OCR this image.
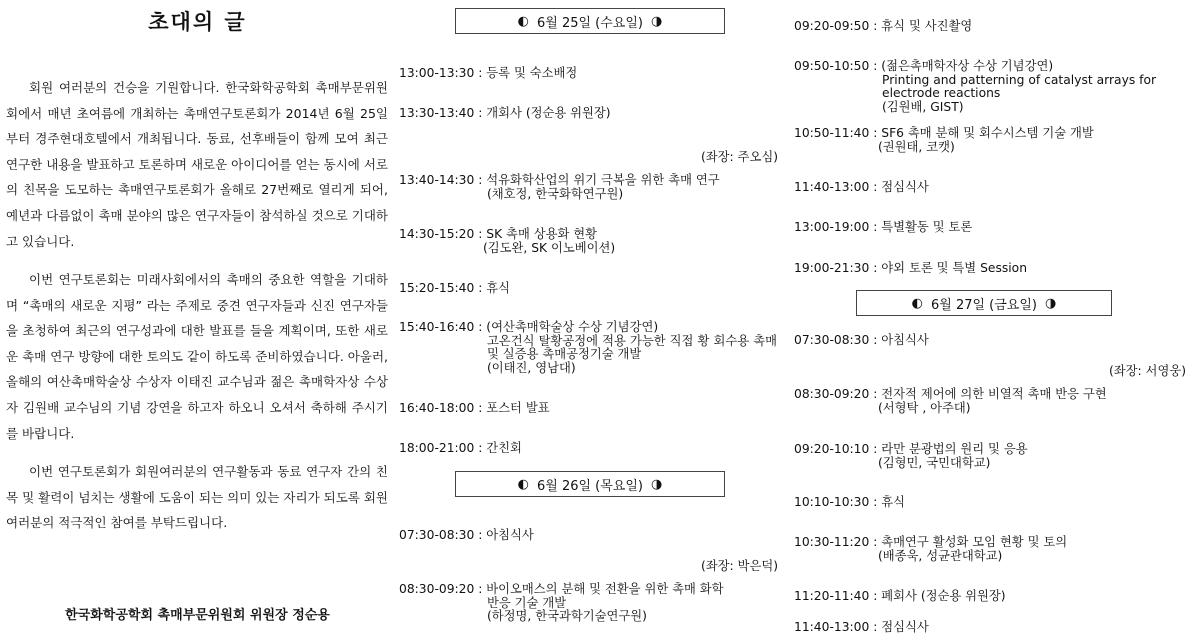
초대의 글
회원 여러분의 건승을 기원합니다. 한국화학공학회 촉매부문위원회에서 매년 초여름에 개최하는 촉매연구토론회가 2014년 6월 25일부터 경주현대호텔에서 개최됩니다. 동료, 선후배들이 함께 모여 최근 연구한 내용을 발표하고 토론하며 새로운 아이디어를 얻는 동시에 서로의 친목을 도모하는 촉매연구토론회가 올해로 27번째로 열리게 되어, 예년과 다름없이 촉매 분야의 많은 연구자들이 참석하실 것으로 기대하고 있습니다.
이번 연구토론회는 미래사회에서의 촉매의 중요한 역할을 기대하며 “촉매의 새로운 지평” 라는 주제로 중견 연구자들과 신진 연구자들을 초청하여 최근의 연구성과에 대한 발표를 들을 계획이며, 또한 새로운 촉매 연구 방향에 대한 토의도 같이 하도록 준비하였습니다. 아울러, 올해의 여산촉매학술상 수상자 이태진 교수님과 젊은 촉매학자상 수상자 김원배 교수님의 기념 강연을 하고자 하오니 오셔서 축하해 주시기를 바랍니다.
이번 연구토론회가 회원여러분의 연구활동과 동료 연구자 간의 친목 및 활력이 넘치는 생활에 도움이 되는 의미 있는 자리가 되도록 회원 여러분의 적극적인 참여를 부탁드립니다.
한국화학공학회 촉매부문위원회 위원장 정순용
◐ 6월 25일 (수요일) ◑
13:00-13:30 : 등록 및 숙소배정
13:30-13:40 : 개회사 (정순용 위원장)
(좌장: 주오심)
13:40-14:30 : 석유화학산업의 위기 극복을 위한 촉매 연구
(채호정, 한국화학연구원)
14:30-15:20 : SK 촉매 상용화 현황
(김도완, SK 이노베이션)
15:20-15:40 : 휴식
15:40-16:40 : (여산촉매학술상 수상 기념강연)
고온건식 탈황공정에 적용 가능한 직접 황 회수용 촉매 및 실증용 촉매공정기술 개발
(이태진, 영남대)
16:40-18:00 : 포스터 발표
18:00-21:00 : 간친회
◐ 6월 26일 (목요일) ◑
07:30-08:30 : 아침식사
(좌장: 박은덕)
08:30-09:20 : 바이오매스의 분해 및 전환을 위한 촉매 화학
반응 기술 개발
(하정명, 한국과학기술연구원)
09:20-09:50 : 휴식 및 사진촬영
09:50-10:50 : (젊은촉매학자상 수상 기념강연)
Printing and patterning of catalyst arrays for electrode reactions
(김원배, GIST)
10:50-11:40 : SF6 촉매 분해 및 회수시스템 기술 개발
(권원태, 코캣)
11:40-13:00 : 점심식사
13:00-19:00 : 특별활동 및 토론
19:00-21:30 : 야외 토론 및 특별 Session
◐ 6월 27일 (금요일) ◑
07:30-08:30 : 아침식사
(좌장: 서영웅)
08:30-09:20 : 전자적 제어에 의한 비열적 촉매 반응 구현
(서형탁 , 아주대)
09:20-10:10 : 라만 분광법의 원리 및 응용
(김형민, 국민대학교)
10:10-10:30 : 휴식
10:30-11:20 : 촉매연구 활성화 모임 현황 및 토의
(배종욱, 성균관대학교)
11:20-11:40 : 폐회사 (정순용 위원장)
11:40-13:00 : 점심식사
